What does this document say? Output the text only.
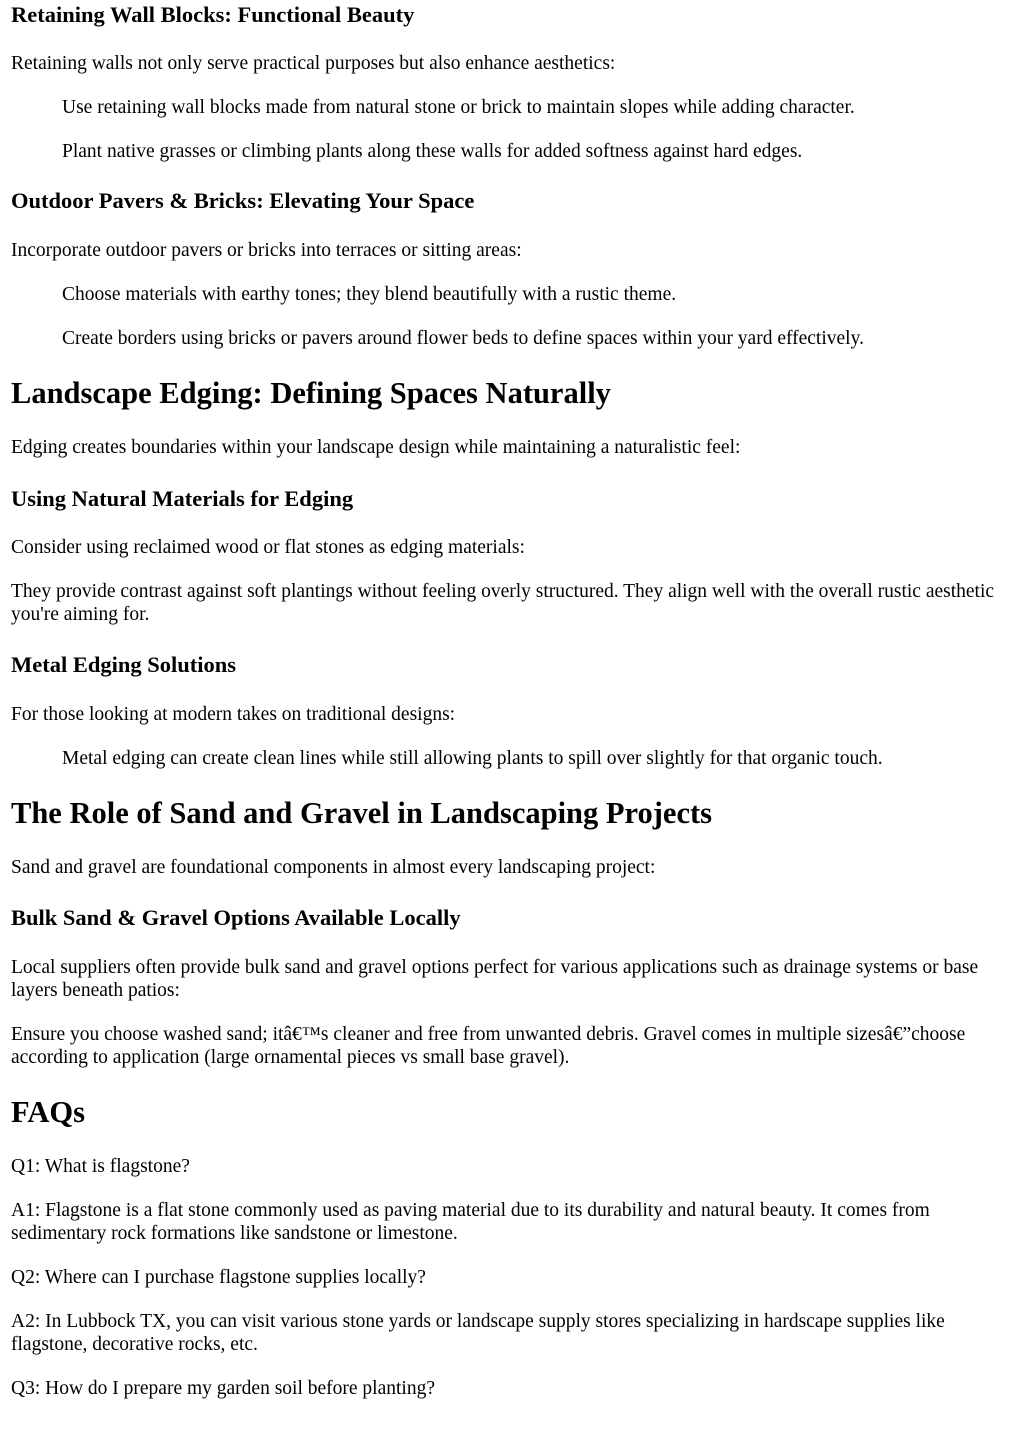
Retaining Wall Blocks: Functional Beauty

Retaining walls not only serve practical purposes but also enhance aesthetics:

Use retaining wall blocks made from natural stone or brick to maintain slopes while adding character.

Plant native grasses or climbing plants along these walls for added softness against hard edges.

Outdoor Pavers & Bricks: Elevating Your Space

Incorporate outdoor pavers or bricks into terraces or sitting areas:

Choose materials with earthy tones; they blend beautifully with a rustic theme.

Create borders using bricks or pavers around flower beds to define spaces within your yard effectively.

Landscape Edging: Defining Spaces Naturally

Edging creates boundaries within your landscape design while maintaining a naturalistic feel:

Using Natural Materials for Edging

Consider using reclaimed wood or flat stones as edging materials:

They provide contrast against soft plantings without feeling overly structured. They align well with the overall rustic aesthetic you're aiming for.

Metal Edging Solutions

For those looking at modern takes on traditional designs:

Metal edging can create clean lines while still allowing plants to spill over slightly for that organic touch.

The Role of Sand and Gravel in Landscaping Projects

Sand and gravel are foundational components in almost every landscaping project:

Bulk Sand & Gravel Options Available Locally

Local suppliers often provide bulk sand and gravel options perfect for various applications such as drainage systems or base layers beneath patios:

Ensure you choose washed sand; itâ€™s cleaner and free from unwanted debris. Gravel comes in multiple sizesâ€”choose according to application (large ornamental pieces vs small base gravel).

FAQs

Q1: What is flagstone?

A1: Flagstone is a flat stone commonly used as paving material due to its durability and natural beauty. It comes from sedimentary rock formations like sandstone or limestone.

Q2: Where can I purchase flagstone supplies locally?

A2: In Lubbock TX, you can visit various stone yards or landscape supply stores specializing in hardscape supplies like flagstone, decorative rocks, etc.

Q3: How do I prepare my garden soil before planting?
